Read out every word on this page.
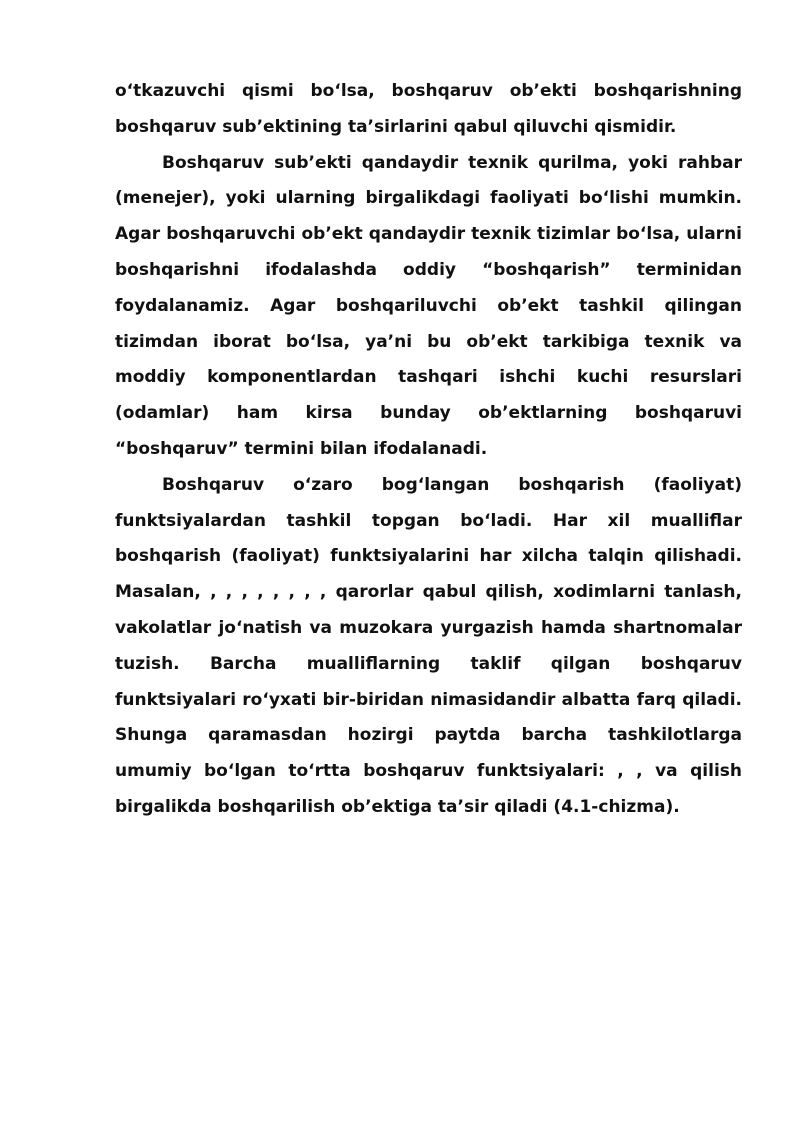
o‘tkazuvchi qismi bo‘lsa, boshqaruv ob’ekti boshqarishning boshqaruv sub’ektining ta’sirlarini qabul qiluvchi qismidir.

Boshqaruv sub’ekti qandaydir texnik qurilma, yoki rahbar (menejer), yoki ularning birgalikdagi faoliyati bo‘lishi mumkin. Agar boshqaruvchi ob’ekt qandaydir texnik tizimlar bo‘lsa, ularni boshqarishni ifodalashda oddiy “boshqarish” terminidan foydalanamiz. Agar boshqariluvchi ob’ekt tashkil qilingan tizimdan iborat bo‘lsa, ya’ni bu ob’ekt tarkibiga texnik va moddiy komponentlardan tashqari ishchi kuchi resurslari (odamlar) ham kirsa bunday ob’ektlarning boshqaruvi “boshqaruv” termini bilan ifodalanadi.

Boshqaruv o‘zaro bog‘langan boshqarish (faoliyat) funktsiyalardan tashkil topgan bo‘ladi. Har xil mualliflar boshqarish (faoliyat) funktsiyalarini har xilcha talqin qilishadi. Masalan, , , , , , , , , qarorlar qabul qilish, xodimlarni tanlash, vakolatlar jo‘natish va muzokara yurgazish hamda shartnomalar tuzish. Barcha mualliflarning taklif qilgan boshqaruv funktsiyalari ro‘yxati bir-biridan nimasidandir albatta farq qiladi. Shunga qaramasdan hozirgi paytda barcha tashkilotlarga umumiy bo‘lgan to‘rtta boshqaruv funktsiyalari: , , va qilish birgalikda boshqarilish ob’ektiga ta’sir qiladi (4.1-chizma).
